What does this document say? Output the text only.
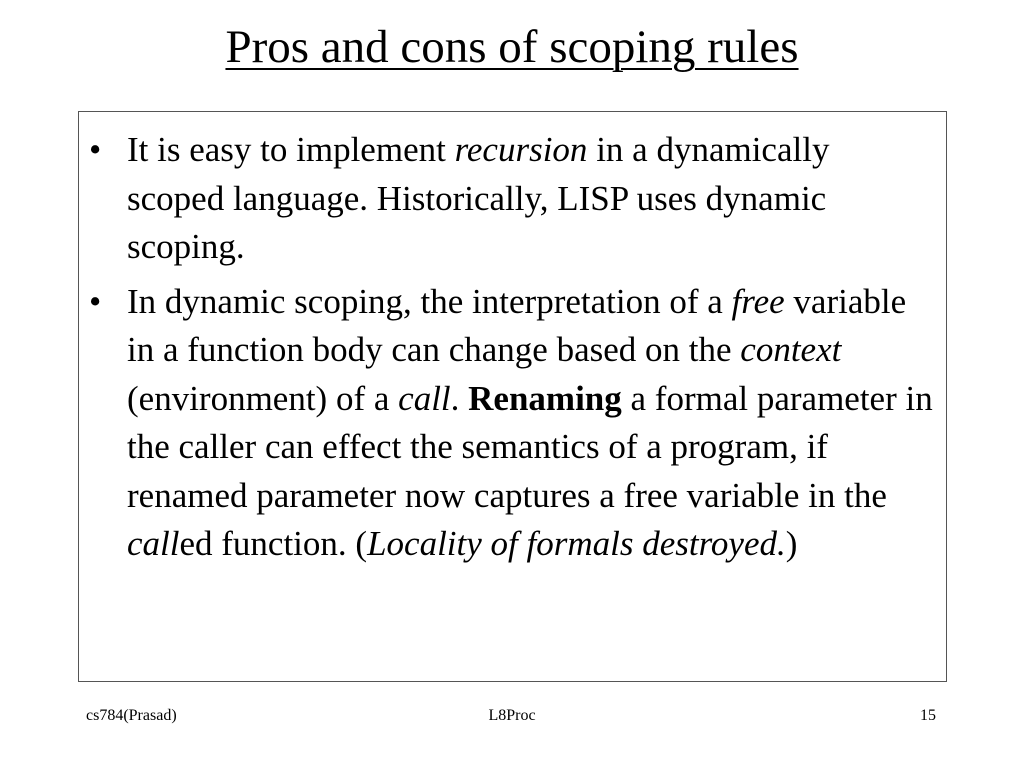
Pros and cons of scoping rules
• It is easy to implement recursion in a dynamically scoped language. Historically, LISP uses dynamic scoping.
• In dynamic scoping, the interpretation of a free variable in a function body can change based on the context (environment) of a call. Renaming a formal parameter in the caller can effect the semantics of a program, if renamed parameter now captures a free variable in the called function. (Locality of formals destroyed.)
cs784(Prasad)	L8Proc	15
